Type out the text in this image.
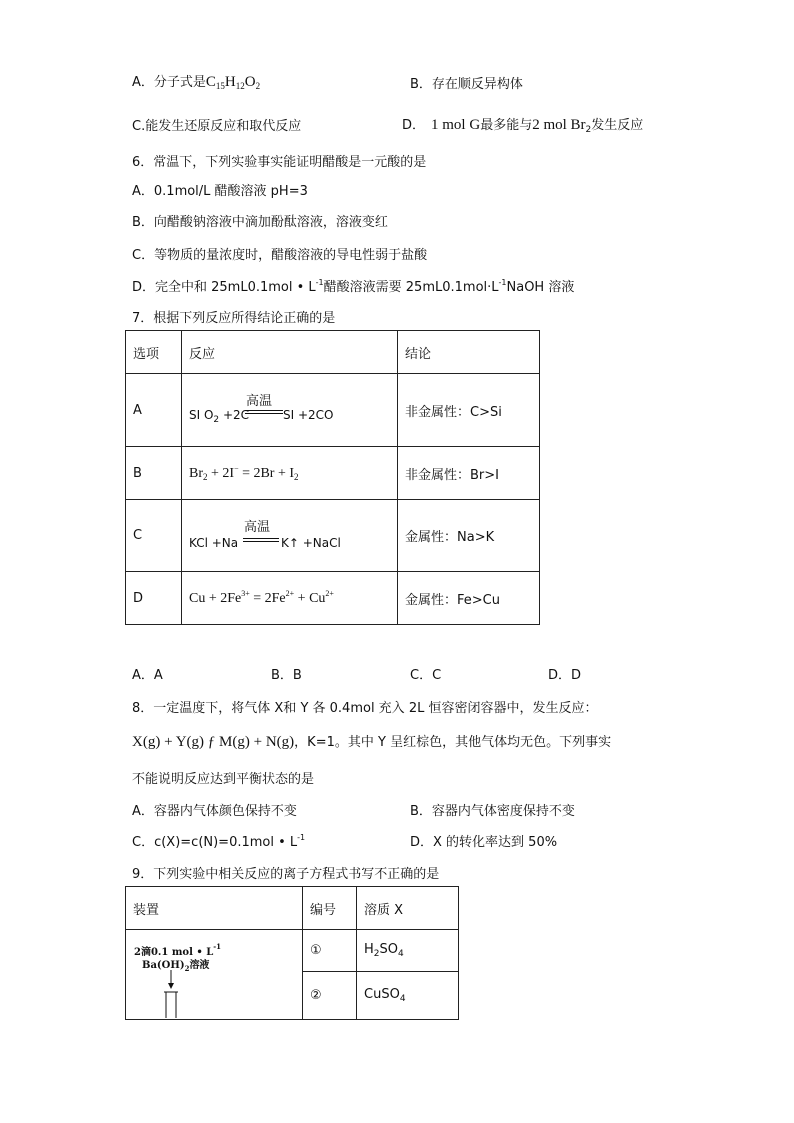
A．分子式是$C_{15}H_{12}O_2$	B．存在顺反异构体
C.能发生还原反应和取代反应	D． 1 mol G最多能与2 mol $Br_2$发生反应
6．常温下，下列实验事实能证明醋酸是一元酸的是
A．0.1mol/L 醋酸溶液 pH=3
B．向醋酸钠溶液中滴加酚酞溶液，溶液变红
C．等物质的量浓度时，醋酸溶液的导电性弱于盐酸
D．完全中和 25mL0.1mol • $L^{-1}$醋酸溶液需要 $25mL0.1mol\cdot L^{-1}NaOH$ 溶液
7．根据下列反应所得结论正确的是
选项	反应	结论
A	SI $O_2 +2C$
高温
SI +2CO	非金属性：C>Si
B	$Br_2 + 2I^- = 2Br + I_2$	非金属性：Br>I
C	KCl +Na
高温
K↑ +NaCl	金属性：Na>K
D	$Cu + 2Fe^{3+} = 2Fe^{2+} + Cu^{2+}$	金属性：Fe>Cu
A．A	B．B	C．C	D．D
8．一定温度下，将气体 X和 Y 各 0.4mol 充入 2L 恒容密闭容器中，发生反应：
X(g) + Y(g) ƒ M(g) + N(g)，K=1。其中 Y 呈红棕色，其他气体均无色。下列事实
不能说明反应达到平衡状态的是
A．容器内气体颜色保持不变	B．容器内气体密度保持不变
C．c(X)=c(N)=0.1mol • $L^{-1}$	D．X 的转化率达到 50%
9．下列实验中相关反应的离子方程式书写不正确的是
装置	编号	溶质 X

2滴0.1 mol • $L^{-1}$
$Ba(OH)_2$溶液	①	$H_2SO_4$
	②	CuSO$_4$
